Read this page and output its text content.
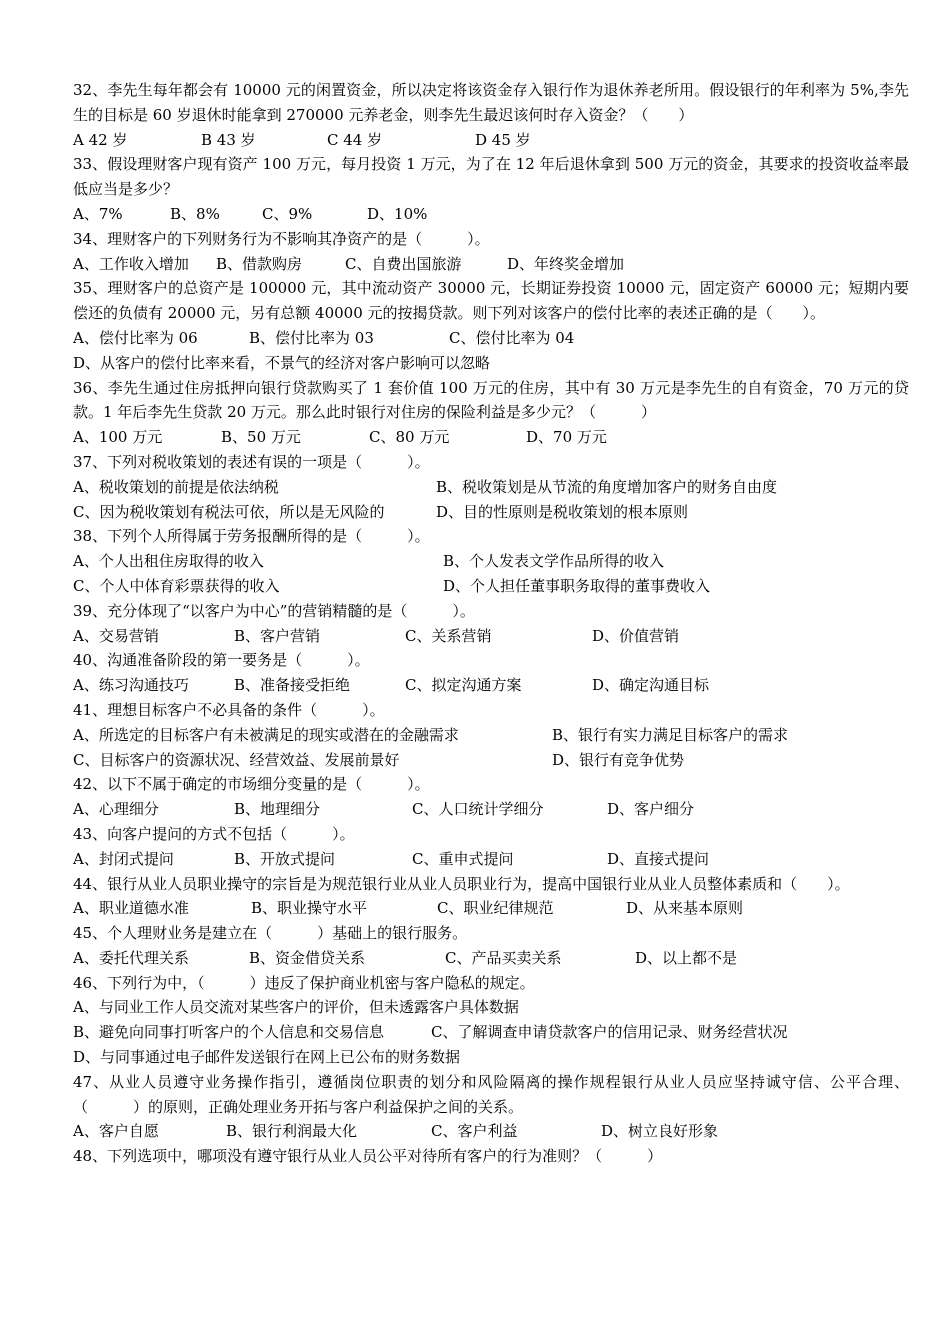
32、李先生每年都会有 10000 元的闲置资金，所以决定将该资金存入银行作为退休养老所用。假设银行的年利率为 5%,李先生的目标是 60 岁退休时能拿到 270000 元养老金，则李先生最迟该何时存入资金？（　　）
A 42 岁	B 43 岁	C 44 岁	D 45 岁
33、假设理财客户现有资产 100 万元，每月投资 1 万元，为了在 12 年后退休拿到 500 万元的资金，其要求的投资收益率最低应当是多少？
A、7%	B、8%	C、9%	D、10%
34、理财客户的下列财务行为不影响其净资产的是（　　　）。
A、工作收入增加 B、借款购房	C、自费出国旅游	D、年终奖金增加
35、理财客户的总资产是 100000 元，其中流动资产 30000 元，长期证券投资 10000 元，固定资产 60000 元；短期内要偿还的负债有 20000 元，另有总额 40000 元的按揭贷款。则下列对该客户的偿付比率的表述正确的是（　　）。
A、偿付比率为 06	B、偿付比率为 03	C、偿付比率为 04
D、从客户的偿付比率来看，不景气的经济对客户影响可以忽略
36、李先生通过住房抵押向银行贷款购买了 1 套价值 100 万元的住房，其中有 30 万元是李先生的自有资金，70 万元的贷款。1 年后李先生贷款 20 万元。那么此时银行对住房的保险利益是多少元？（　　　）
A、100 万元	B、50 万元	C、80 万元	D、70 万元
37、下列对税收策划的表述有误的一项是（　　　）。
A、税收策划的前提是依法纳税	B、税收策划是从节流的角度增加客户的财务自由度
C、因为税收策划有税法可依，所以是无风险的	D、目的性原则是税收策划的根本原则
38、下列个人所得属于劳务报酬所得的是（　　　）。
A、个人出租住房取得的收入	B、个人发表文学作品所得的收入
C、个人中体育彩票获得的收入	D、个人担任董事职务取得的董事费收入
39、充分体现了“以客户为中心”的营销精髓的是（　　　）。
A、交易营销	B、客户营销	C、关系营销	D、价值营销
40、沟通准备阶段的第一要务是（　　　）。
A、练习沟通技巧	B、准备接受拒绝	C、拟定沟通方案	D、确定沟通目标
41、理想目标客户不必具备的条件（　　　）。
A、所选定的目标客户有未被满足的现实或潜在的金融需求	B、银行有实力满足目标客户的需求
C、目标客户的资源状况、经营效益、发展前景好	D、银行有竞争优势
42、以下不属于确定的市场细分变量的是（　　　）。
A、心理细分	B、地理细分	C、人口统计学细分	D、客户细分
43、向客户提问的方式不包括（　　　）。
A、封闭式提问	B、开放式提问	C、重申式提问	D、直接式提问
44、银行从业人员职业操守的宗旨是为规范银行业从业人员职业行为，提高中国银行业从业人员整体素质和（　　）。
A、职业道德水准	B、职业操守水平	C、职业纪律规范	D、从来基本原则
45、个人理财业务是建立在（　　　）基础上的银行服务。
A、委托代理关系	B、资金借贷关系	C、产品买卖关系	D、以上都不是
46、下列行为中，（　　　）违反了保护商业机密与客户隐私的规定。
A、与同业工作人员交流对某些客户的评价，但未透露客户具体数据
B、避免向同事打听客户的个人信息和交易信息	C、了解调查申请贷款客户的信用记录、财务经营状况
D、与同事通过电子邮件发送银行在网上已公布的财务数据
47、从业人员遵守业务操作指引，遵循岗位职责的划分和风险隔离的操作规程银行从业人员应坚持诚守信、公平合理、（　　　）的原则，正确处理业务开拓与客户利益保护之间的关系。
A、客户自愿	B、银行利润最大化	C、客户利益	D、树立良好形象
48、下列选项中，哪项没有遵守银行从业人员公平对待所有客户的行为准则？（　　　）
